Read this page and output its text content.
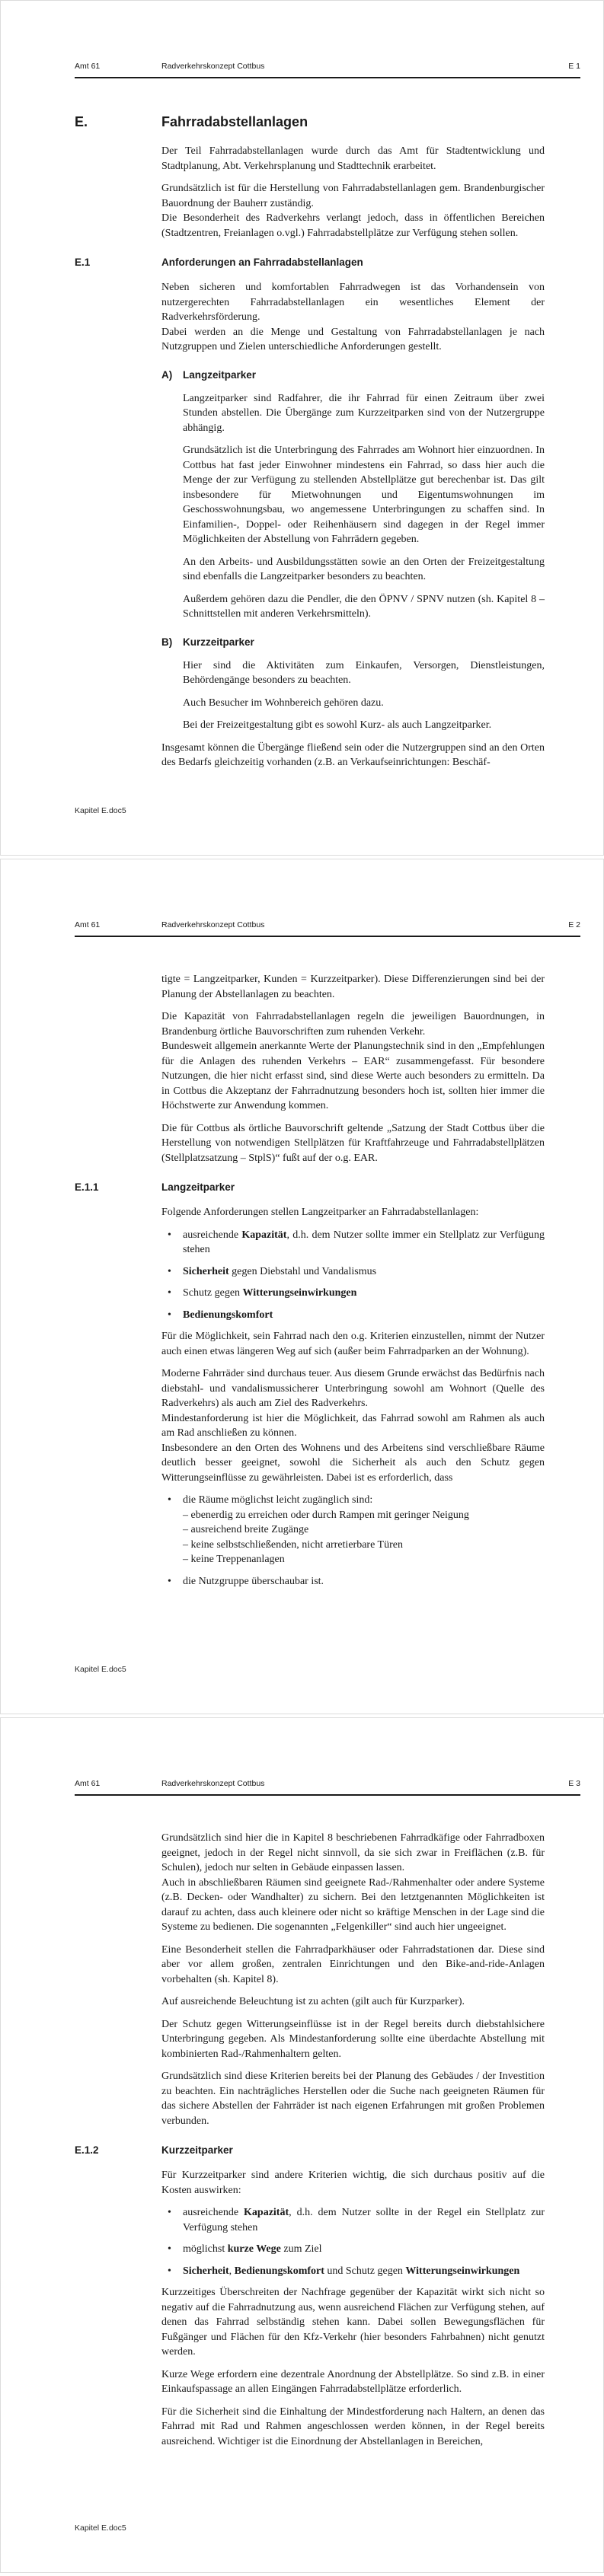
Amt 61	Radverkehrskonzept Cottbus	E 1
E.	Fahrradabstellanlagen

Der Teil Fahrradabstellanlagen wurde durch das Amt für Stadtentwicklung und Stadtplanung, Abt. Verkehrsplanung und Stadttechnik erarbeitet.

Grundsätzlich ist für die Herstellung von Fahrradabstellanlagen gem. Brandenburgischer Bauordnung der Bauherr zuständig.

Die Besonderheit des Radverkehrs verlangt jedoch, dass in öffentlichen Bereichen (Stadtzentren, Freianlagen o.vgl.) Fahrradabstellplätze zur Verfügung stehen sollen.

E.1	Anforderungen an Fahrradabstellanlagen

Neben sicheren und komfortablen Fahrradwegen ist das Vorhandensein von nutzergerechten Fahrradabstellanlagen ein wesentliches Element der Radverkehrsförderung.

Dabei werden an die Menge und Gestaltung von Fahrradabstellanlagen je nach Nutzgruppen und Zielen unterschiedliche Anforderungen gestellt.

A) Langzeitparker

Langzeitparker sind Radfahrer, die ihr Fahrrad für einen Zeitraum über zwei Stunden abstellen. Die Übergänge zum Kurzzeitparken sind von der Nutzergruppe abhängig.

Grundsätzlich ist die Unterbringung des Fahrrades am Wohnort hier einzuordnen. In Cottbus hat fast jeder Einwohner mindestens ein Fahrrad, so dass hier auch die Menge der zur Verfügung zu stellenden Abstellplätze gut berechenbar ist. Das gilt insbesondere für Mietwohnungen und Eigentumswohnungen im Geschosswohnungsbau, wo angemessene Unterbringungen zu schaffen sind. In Einfamilien-, Doppel- oder Reihenhäusern sind dagegen in der Regel immer Möglichkeiten der Abstellung von Fahrrädern gegeben.

An den Arbeits- und Ausbildungsstätten sowie an den Orten der Freizeitgestaltung sind ebenfalls die Langzeitparker besonders zu beachten.

Außerdem gehören dazu die Pendler, die den ÖPNV / SPNV nutzen (sh. Kapitel 8 – Schnittstellen mit anderen Verkehrsmitteln).

B) Kurzzeitparker

Hier sind die Aktivitäten zum Einkaufen, Versorgen, Dienstleistungen, Behördengänge besonders zu beachten.

Auch Besucher im Wohnbereich gehören dazu.

Bei der Freizeitgestaltung gibt es sowohl Kurz- als auch Langzeitparker.

Insgesamt können die Übergänge fließend sein oder die Nutzergruppen sind an den Orten des Bedarfs gleichzeitig vorhanden (z.B. an Verkaufseinrichtungen: Beschäf-

Kapitel E.doc5
Amt 61	Radverkehrskonzept Cottbus	E 2

tigte = Langzeitparker, Kunden = Kurzzeitparker). Diese Differenzierungen sind bei der Planung der Abstellanlagen zu beachten.

Die Kapazität von Fahrradabstellanlagen regeln die jeweiligen Bauordnungen, in Brandenburg örtliche Bauvorschriften zum ruhenden Verkehr.

Bundesweit allgemein anerkannte Werte der Planungstechnik sind in den „Empfehlungen für die Anlagen des ruhenden Verkehrs – EAR“ zusammengefasst. Für besondere Nutzungen, die hier nicht erfasst sind, sind diese Werte auch besonders zu ermitteln. Da in Cottbus die Akzeptanz der Fahrradnutzung besonders hoch ist, sollten hier immer die Höchstwerte zur Anwendung kommen.

Die für Cottbus als örtliche Bauvorschrift geltende „Satzung der Stadt Cottbus über die Herstellung von notwendigen Stellplätzen für Kraftfahrzeuge und Fahrradabstellplätzen (Stellplatzsatzung – StplS)“ fußt auf der o.g. EAR.

E.1.1	Langzeitparker

Folgende Anforderungen stellen Langzeitparker an Fahrradabstellanlagen:

• ausreichende Kapazität, d.h. dem Nutzer sollte immer ein Stellplatz zur Verfügung stehen
• Sicherheit gegen Diebstahl und Vandalismus
• Schutz gegen Witterungseinwirkungen
• Bedienungskomfort

Für die Möglichkeit, sein Fahrrad nach den o.g. Kriterien einzustellen, nimmt der Nutzer auch einen etwas längeren Weg auf sich (außer beim Fahrradparken an der Wohnung).

Moderne Fahrräder sind durchaus teuer. Aus diesem Grunde erwächst das Bedürfnis nach diebstahl- und vandalismussicherer Unterbringung sowohl am Wohnort (Quelle des Radverkehrs) als auch am Ziel des Radverkehrs.

Mindestanforderung ist hier die Möglichkeit, das Fahrrad sowohl am Rahmen als auch am Rad anschließen zu können.

Insbesondere an den Orten des Wohnens und des Arbeitens sind verschließbare Räume deutlich besser geeignet, sowohl die Sicherheit als auch den Schutz gegen Witterungseinflüsse zu gewährleisten. Dabei ist es erforderlich, dass

• die Räume möglichst leicht zugänglich sind:
– ebenerdig zu erreichen oder durch Rampen mit geringer Neigung
– ausreichend breite Zugänge
– keine selbstschließenden, nicht arretierbare Türen
– keine Treppenanlagen
• die Nutzgruppe überschaubar ist.
Kapitel E.doc5
Amt 61	Radverkehrskonzept Cottbus	E 3

Grundsätzlich sind hier die in Kapitel 8 beschriebenen Fahrradkäfige oder Fahrradboxen geeignet, jedoch in der Regel nicht sinnvoll, da sie sich zwar in Freiflächen (z.B. für Schulen), jedoch nur selten in Gebäude einpassen lassen.

Auch in abschließbaren Räumen sind geeignete Rad-/Rahmenhalter oder andere Systeme (z.B. Decken- oder Wandhalter) zu sichern. Bei den letztgenannten Möglichkeiten ist darauf zu achten, dass auch kleinere oder nicht so kräftige Menschen in der Lage sind die Systeme zu bedienen. Die sogenannten „Felgenkiller“ sind auch hier ungeeignet.

Eine Besonderheit stellen die Fahrradparkhäuser oder Fahrradstationen dar. Diese sind aber vor allem großen, zentralen Einrichtungen und den Bike-and-ride-Anlagen vorbehalten (sh. Kapitel 8).

Auf ausreichende Beleuchtung ist zu achten (gilt auch für Kurzparker).

Der Schutz gegen Witterungseinflüsse ist in der Regel bereits durch diebstahlsichere Unterbringung gegeben. Als Mindestanforderung sollte eine überdachte Abstellung mit kombinierten Rad-/Rahmenhaltern gelten.

Grundsätzlich sind diese Kriterien bereits bei der Planung des Gebäudes / der Investition zu beachten. Ein nachträgliches Herstellen oder die Suche nach geeigneten Räumen für das sichere Abstellen der Fahrräder ist nach eigenen Erfahrungen mit großen Problemen verbunden.

E.1.2	Kurzzeitparker

Für Kurzzeitparker sind andere Kriterien wichtig, die sich durchaus positiv auf die Kosten auswirken:

• ausreichende Kapazität, d.h. dem Nutzer sollte in der Regel ein Stellplatz zur Verfügung stehen
• möglichst kurze Wege zum Ziel
• Sicherheit, Bedienungskomfort und Schutz gegen Witterungseinwirkungen

Kurzzeitiges Überschreiten der Nachfrage gegenüber der Kapazität wirkt sich nicht so negativ auf die Fahrradnutzung aus, wenn ausreichend Flächen zur Verfügung stehen, auf denen das Fahrrad selbständig stehen kann. Dabei sollen Bewegungsflächen für Fußgänger und Flächen für den Kfz-Verkehr (hier besonders Fahrbahnen) nicht genutzt werden.

Kurze Wege erfordern eine dezentrale Anordnung der Abstellplätze. So sind z.B. in einer Einkaufspassage an allen Eingängen Fahrradabstellplätze erforderlich.

Für die Sicherheit sind die Einhaltung der Mindestforderung nach Haltern, an denen das Fahrrad mit Rad und Rahmen angeschlossen werden können, in der Regel bereits ausreichend. Wichtiger ist die Einordnung der Abstellanlagen in Bereichen,

Kapitel E.doc5
